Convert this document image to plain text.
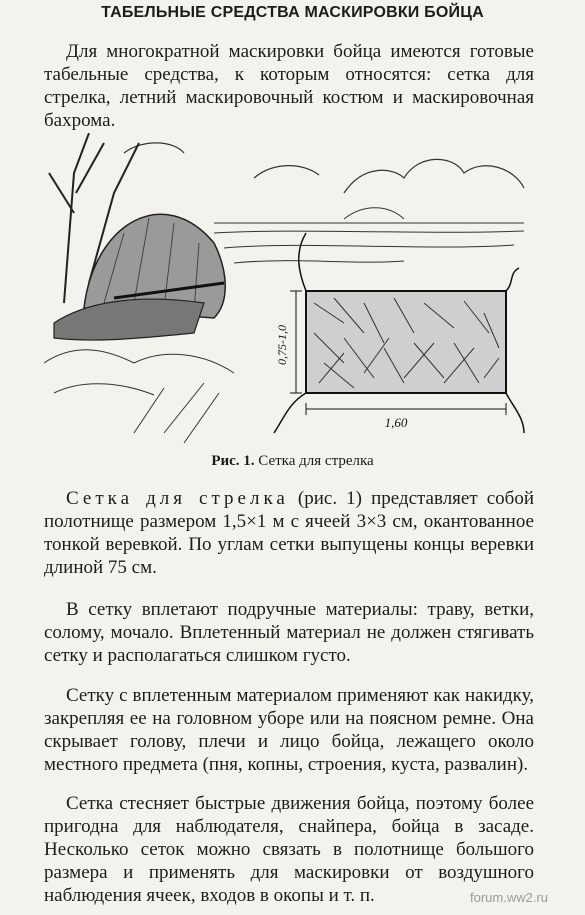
ТАБЕЛЬНЫЕ СРЕДСТВА МАСКИРОВКИ БОЙЦА
Для многократной маскировки бойца имеются готовые табельные средства, к которым относятся: сетка для стрелка, летний маскировочный костюм и маскировочная бахрома.
0,75-1,0
1,60
Рис. 1. Сетка для стрелка
Сетка для стрелка (рис. 1) представляет собой полотнище размером 1,5×1 м с ячеей 3×3 см, окантованное тонкой веревкой. По углам сетки выпущены концы веревки длиной 75 см.
В сетку вплетают подручные материалы: траву, ветки, солому, мочало. Вплетенный материал не должен стягивать сетку и располагаться слишком густо.
Сетку с вплетенным материалом применяют как накидку, закрепляя ее на головном уборе или на поясном ремне. Она скрывает голову, плечи и лицо бойца, лежащего около местного предмета (пня, копны, строения, куста, развалин).
Сетка стесняет быстрые движения бойца, поэтому более пригодна для наблюдателя, снайпера, бойца в засаде. Несколько сеток можно связать в полотнище большого размера и применять для маскировки от воздушного наблюдения ячеек, входов в окопы и т. п.	forum.ww2.ru
